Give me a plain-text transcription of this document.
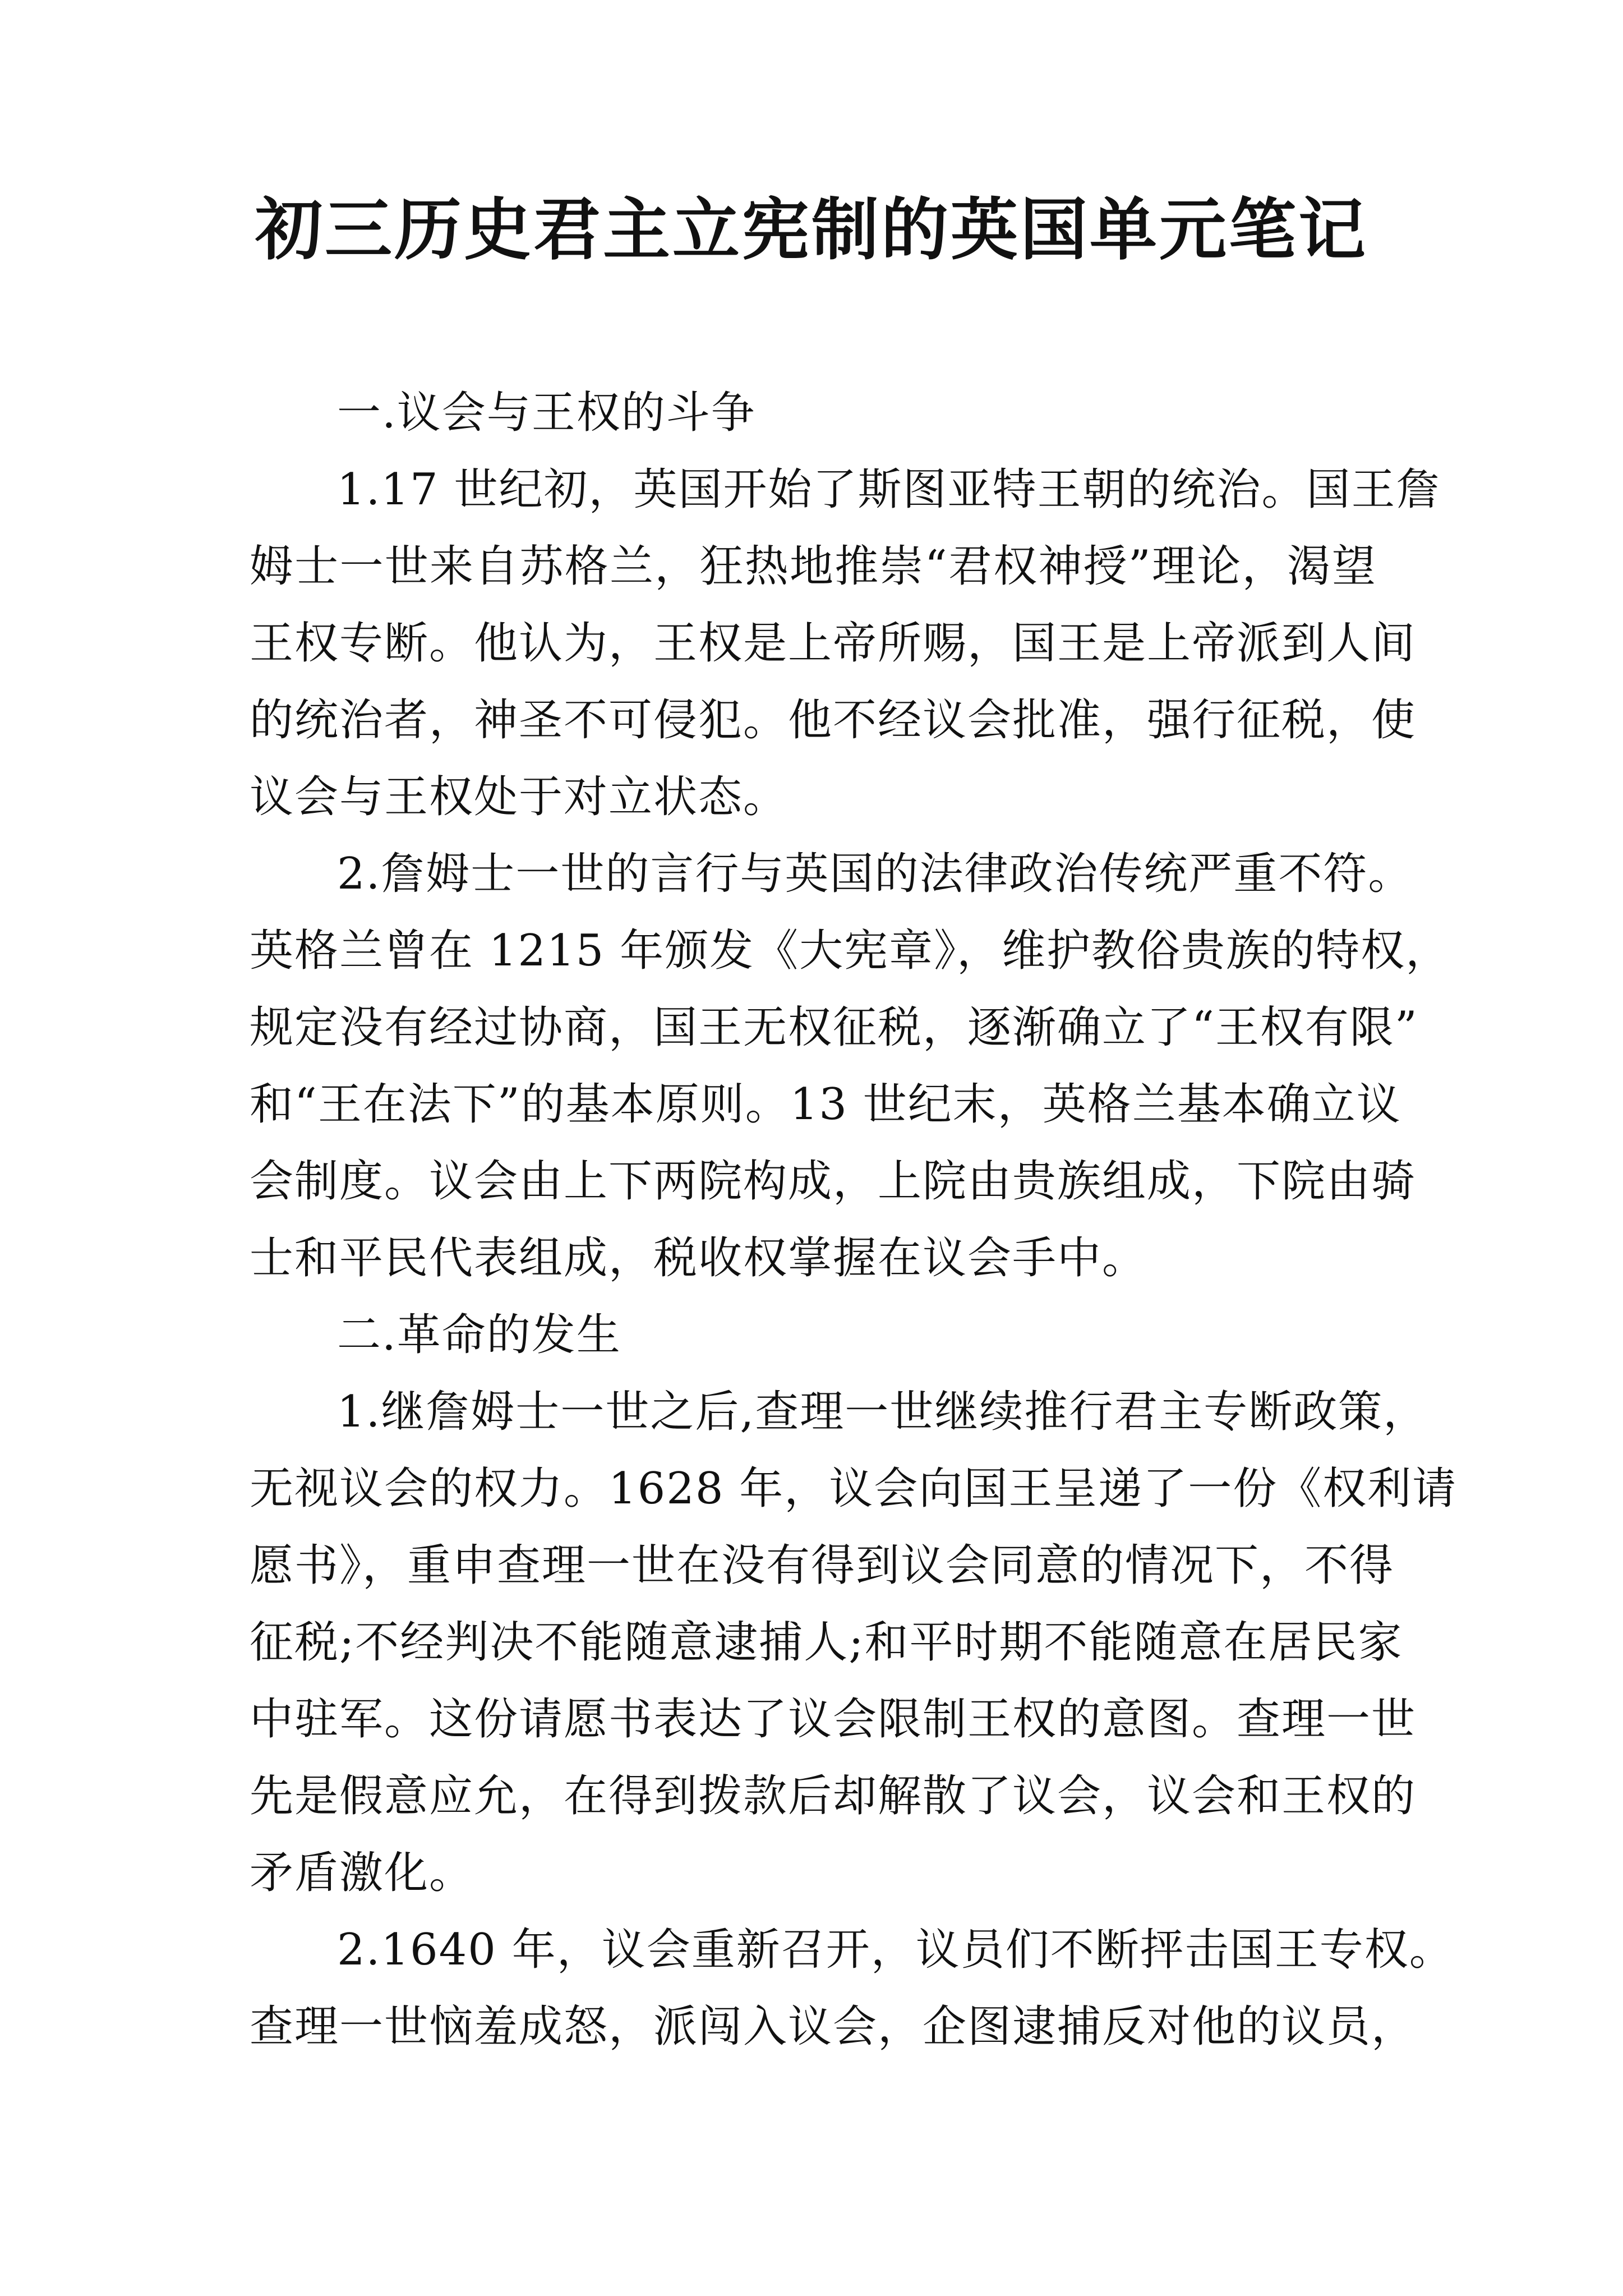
初三历史君主立宪制的英国单元笔记

一.议会与王权的斗争

1.17 世纪初，英国开始了斯图亚特王朝的统治。国王詹
姆士一世来自苏格兰，狂热地推崇“君权神授”理论，渴望
王权专断。他认为，王权是上帝所赐，国王是上帝派到人间
的统治者，神圣不可侵犯。他不经议会批准，强行征税，使
议会与王权处于对立状态。

2.詹姆士一世的言行与英国的法律政治传统严重不符。
英格兰曾在 1215 年颁发《大宪章》，维护教俗贵族的特权，
规定没有经过协商，国王无权征税，逐渐确立了“王权有限”
和“王在法下”的基本原则。13 世纪末，英格兰基本确立议
会制度。议会由上下两院构成，上院由贵族组成，下院由骑
士和平民代表组成，税收权掌握在议会手中。

二.革命的发生

1.继詹姆士一世之后,查理一世继续推行君主专断政策，
无视议会的权力。1628 年，议会向国王呈递了一份《权利请
愿书》，重申查理一世在没有得到议会同意的情况下，不得
征税;不经判决不能随意逮捕人;和平时期不能随意在居民家
中驻军。这份请愿书表达了议会限制王权的意图。查理一世
先是假意应允，在得到拨款后却解散了议会，议会和王权的
矛盾激化。

2.1640 年，议会重新召开，议员们不断抨击国王专权。
查理一世恼羞成怒，派闯入议会，企图逮捕反对他的议员，
